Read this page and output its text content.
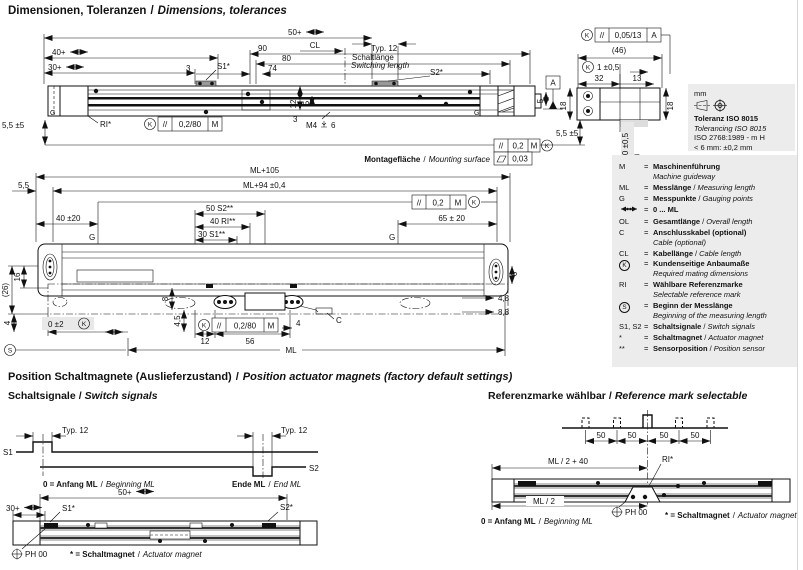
Dimensionen, Toleranzen / Dimensions, tolerances
50+
40+
30+	S1*
S2*
90
80
74
3
CL	Typ. 12
Schaltlänge
Switching length
12 5
3
5
M4 6
G	G
5,5 ±5
5,5 ±5
RI*	K // 0,2/80 M
Montagefläche / Mounting surface
// 0,2 M K
0,03
K // 0,05/13 A
(46)
K 1 ±0,5
32	13
A
18	18
0 ±0,5
mm
Toleranz ISO 8015
Tolerancing ISO 8015
ISO 2768:1989 - m H
< 6 mm: ±0,2 mm
M	= Maschinenführung
Machine guideway
ML	= Messlänge / Measuring length
G	= Messpunkte / Gauging points
= 0 ... ML
OL	= Gesamtlänge / Overall length
C	= Anschlusskabel (optional)
Cable (optional)
CL	= Kabellänge / Cable length
K	= Kundenseitige Anbaumaße
Required mating dimensions
RI	= Wählbare Referenzmarke
Selectable reference mark
S	= Beginn der Messlänge
Beginning of the measuring length
S1, S2 = Schaltsignale / Switch signals
*	= Schaltmagnet / Actuator magnet
**	= Sensorposition / Position sensor
ML+105
ML+94 ±0,4
5,5
40 ±20	65 ± 20
50 S2**
40 RI**
30 S1**
G	G
// 0,2 M K
C
6
4,8
8,8
0 ±2	K
(26)
16
4
8
4,5	K // 0,2/80 M
12	56
4
ML
S
Position Schaltmagnete (Auslieferzustand) / Position actuator magnets (factory default settings)
Schaltsignale / Switch signals	Referenzmarke wählbar / Reference mark selectable
Typ. 12	Typ. 12
S1
S2
0 = Anfang ML / Beginning ML	Ende ML / End ML
50+
30+	S1*	S2*
PH 00	* = Schaltmagnet / Actuator magnet
50	50	50	50
ML / 2 + 40	RI*
ML / 2
PH 00
0 = Anfang ML / Beginning ML
* = Schaltmagnet / Actuator magnet
